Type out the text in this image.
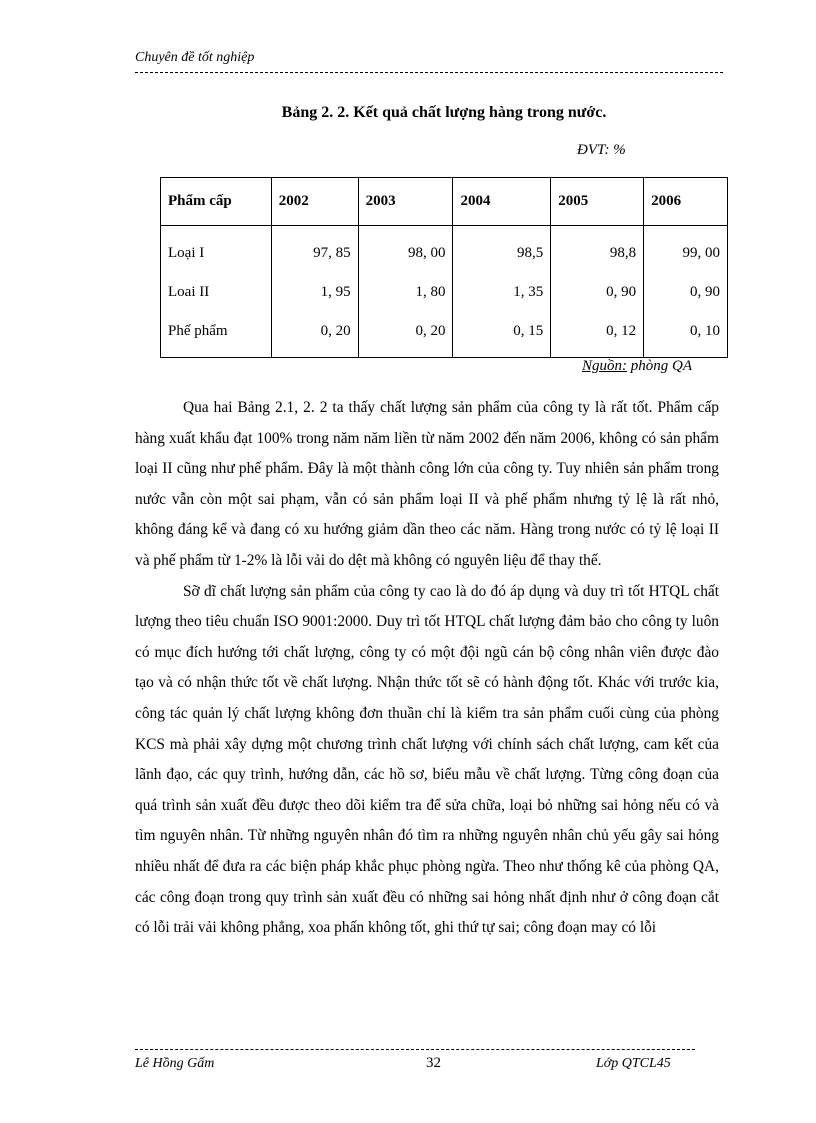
Chuyên đề tốt nghiệp
Bảng 2. 2. Kết quả chất lượng hàng trong nước.
ĐVT: %
Phẩm cấp	2002	2003	2004	2005	2006
Loại I	97, 85	98, 00	98,5	98,8	99, 00
Loai II	1, 95	1, 80	1, 35	0, 90	0, 90
Phế phẩm	0, 20	0, 20	0, 15	0, 12	0, 10
Nguồn: phòng QA

Qua hai Bảng 2.1, 2. 2 ta thấy chất lượng sản phẩm của công ty là rất tốt. Phẩm cấp hàng xuất khẩu đạt 100% trong năm năm liền từ năm 2002 đến năm 2006, không có sản phẩm loại II cũng như phế phẩm. Đây là một thành công lớn của công ty. Tuy nhiên sản phẩm trong nước vẫn còn một sai phạm, vẫn có sản phẩm loại II và phế phẩm nhưng tỷ lệ là rất nhỏ, không đáng kể và đang có xu hướng giảm dần theo các năm. Hàng trong nước có tỷ lệ loại II và phế phẩm từ 1-2% là lỗi vải do dệt mà không có nguyên liệu để thay thế.

Sỡ dĩ chất lượng sản phẩm của công ty cao là do đó áp dụng và duy trì tốt HTQL chất lượng theo tiêu chuẩn ISO 9001:2000. Duy trì tốt HTQL chất lượng đảm bảo cho công ty luôn có mục đích hướng tới chất lượng, công ty có một đội ngũ cán bộ công nhân viên được đào tạo và có nhận thức tốt về chất lượng. Nhận thức tốt sẽ có hành động tốt. Khác với trước kia, công tác quản lý chất lượng không đơn thuần chỉ là kiểm tra sản phẩm cuối cùng của phòng KCS mà phải xây dựng một chương trình chất lượng với chính sách chất lượng, cam kết của lãnh đạo, các quy trình, hướng dẫn, các hồ sơ, biểu mẫu về chất lượng. Từng công đoạn của quá trình sản xuất đều được theo dõi kiểm tra để sửa chữa, loại bỏ những sai hỏng nếu có và tìm nguyên nhân. Từ những nguyên nhân đó tìm ra những nguyên nhân chủ yếu gây sai hỏng nhiều nhất để đưa ra các biện pháp khắc phục phòng ngừa. Theo như thống kê của phòng QA, các công đoạn trong quy trình sản xuất đều có những sai hỏng nhất định như ở công đoạn cắt có lỗi trải vải không phẳng, xoa phấn không tốt, ghi thứ tự sai; công đoạn may có lỗi

Lê Hồng Gấm	32	Lớp QTCL45
